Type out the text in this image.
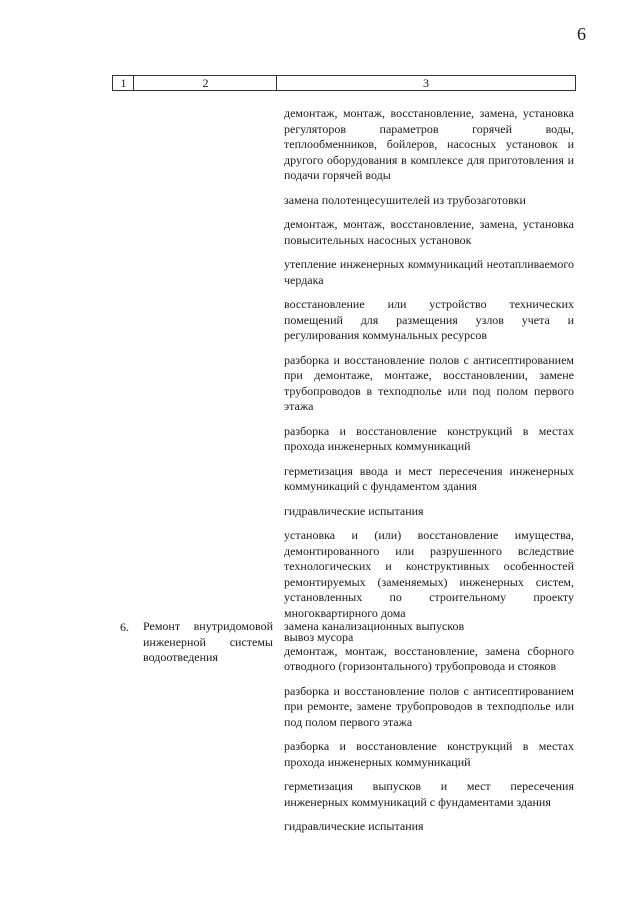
6
1	2	3
демонтаж, монтаж, восстановление, замена, установка регуляторов параметров горячей воды, теплообменников, бойлеров, насосных установок и другого оборудования в комплексе для приготовления и подачи горячей воды
замена полотенцесушителей из трубозаготовки
демонтаж, монтаж, восстановление, замена, установка повысительных насосных установок
утепление инженерных коммуникаций неотапливаемого чердака
восстановление или устройство технических помещений для размещения узлов учета и регулирования коммунальных ресурсов
разборка и восстановление полов с антисептированием при демонтаже, монтаже, восстановлении, замене трубопроводов в техподполье или под полом первого этажа
разборка и восстановление конструкций в местах прохода инженерных коммуникаций
герметизация ввода и мест пересечения инженерных коммуникаций с фундаментом здания
гидравлические испытания
установка и (или) восстановление имущества, демонтированного или разрушенного вследствие технологических и конструктивных особенностей ремонтируемых (заменяемых) инженерных систем, установленных по строительному проекту многоквартирного дома
вывоз мусора
6. Ремонт внутридомовой инженерной системы водоотведения
замена канализационных выпусков
демонтаж, монтаж, восстановление, замена сборного отводного (горизонтального) трубопровода и стояков
разборка и восстановление полов с антисептированием при ремонте, замене трубопроводов в техподполье или под полом первого этажа
разборка и восстановление конструкций в местах прохода инженерных коммуникаций
герметизация выпусков и мест пересечения инженерных коммуникаций с фундаментами здания
гидравлические испытания
